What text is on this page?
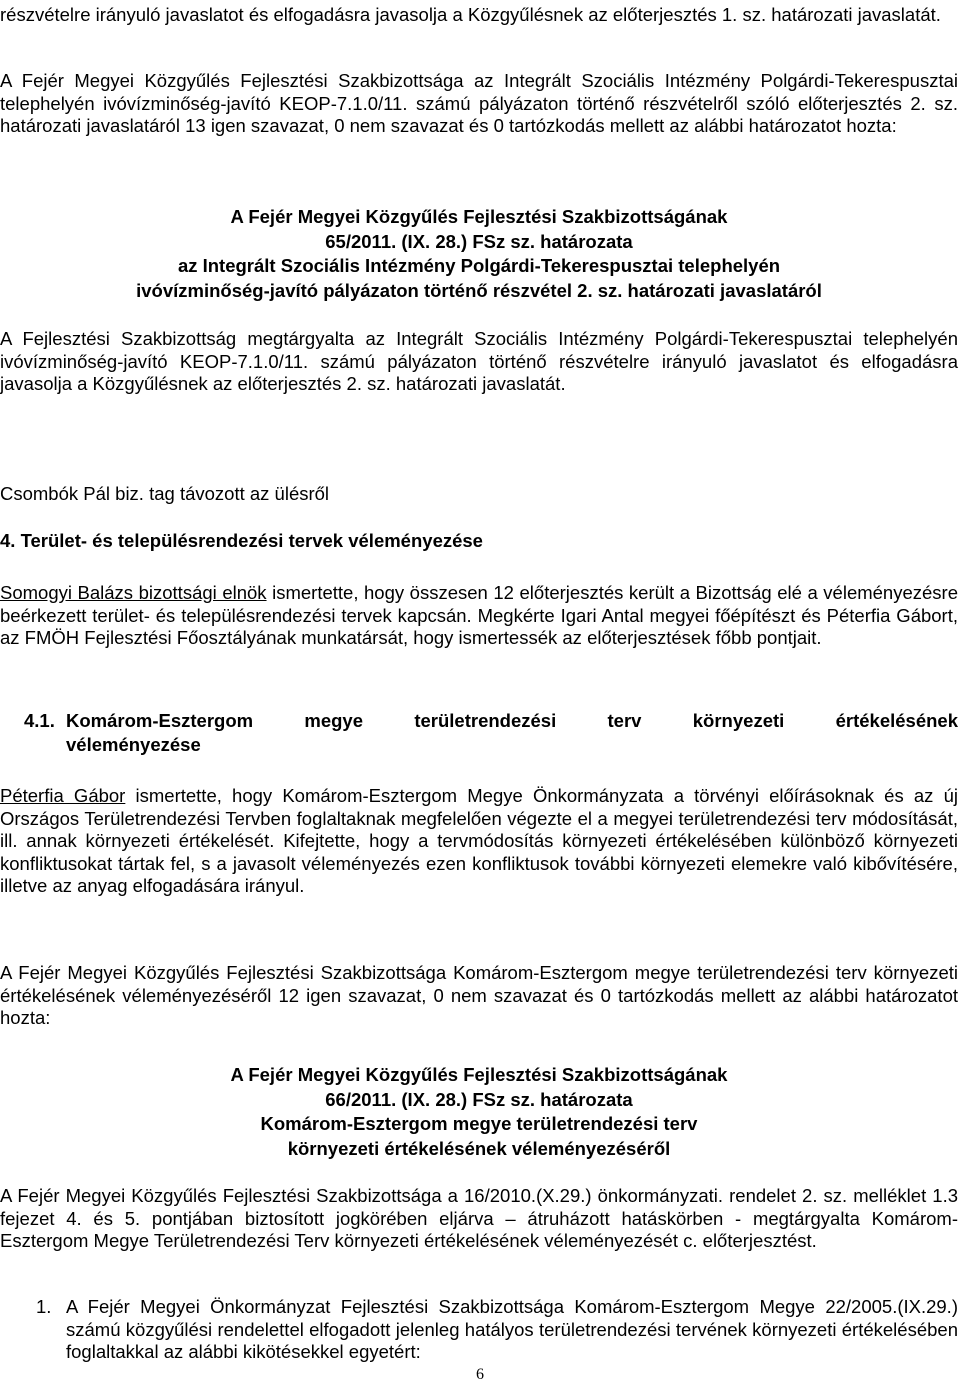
részvételre irányuló javaslatot és elfogadásra javasolja a Közgyűlésnek az előterjesztés 1. sz. határozati javaslatát.

A Fejér Megyei Közgyűlés Fejlesztési Szakbizottsága az Integrált Szociális Intézmény Polgárdi-Tekerespusztai telephelyén ivóvízminőség-javító KEOP-7.1.0/11. számú pályázaton történő részvételről szóló előterjesztés 2. sz. határozati javaslatáról 13 igen szavazat, 0 nem szavazat és 0 tartózkodás mellett az alábbi határozatot hozta:

A Fejér Megyei Közgyűlés Fejlesztési Szakbizottságának
65/2011. (IX. 28.) FSz sz. határozata
az Integrált Szociális Intézmény Polgárdi-Tekerespusztai telephelyén
ivóvízminőség-javító pályázaton történő részvétel 2. sz. határozati javaslatáról

A Fejlesztési Szakbizottság megtárgyalta az Integrált Szociális Intézmény Polgárdi-Tekerespusztai telephelyén ivóvízminőség-javító KEOP-7.1.0/11. számú pályázaton történő részvételre irányuló javaslatot és elfogadásra javasolja a Közgyűlésnek az előterjesztés 2. sz. határozati javaslatát.

Csombók Pál biz. tag távozott az ülésről

4. Terület- és településrendezési tervek véleményezése

Somogyi Balázs bizottsági elnök ismertette, hogy összesen 12 előterjesztés került a Bizottság elé a véleményezésre beérkezett terület- és településrendezési tervek kapcsán. Megkérte Igari Antal megyei főépítészt és Péterfia Gábort, az FMÖH Fejlesztési Főosztályának munkatársát, hogy ismertessék az előterjesztések főbb pontjait.

4.1. Komárom-Esztergom megye területrendezési terv környezeti értékelésének
véleményezése

Péterfia Gábor ismertette, hogy Komárom-Esztergom Megye Önkormányzata a törvényi előírásoknak és az új Országos Területrendezési Tervben foglaltaknak megfelelően végezte el a megyei területrendezési terv módosítását, ill. annak környezeti értékelését. Kifejtette, hogy a tervmódosítás környezeti értékelésében különböző környezeti konfliktusokat tártak fel, s a javasolt véleményezés ezen konfliktusok további környezeti elemekre való kibővítésére, illetve az anyag elfogadására irányul.

A Fejér Megyei Közgyűlés Fejlesztési Szakbizottsága Komárom-Esztergom megye területrendezési terv környezeti értékelésének véleményezéséről 12 igen szavazat, 0 nem szavazat és 0 tartózkodás mellett az alábbi határozatot hozta:

A Fejér Megyei Közgyűlés Fejlesztési Szakbizottságának
66/2011. (IX. 28.) FSz sz. határozata
Komárom-Esztergom megye területrendezési terv
környezeti értékelésének véleményezéséről

A Fejér Megyei Közgyűlés Fejlesztési Szakbizottsága a 16/2010.(X.29.) önkormányzati. rendelet 2. sz. melléklet 1.3 fejezet 4. és 5. pontjában biztosított jogkörében eljárva – átruházott hatáskörben - megtárgyalta Komárom-Esztergom Megye Területrendezési Terv környezeti értékelésének véleményezését c. előterjesztést.

1. A Fejér Megyei Önkormányzat Fejlesztési Szakbizottsága Komárom-Esztergom Megye 22/2005.(IX.29.) számú közgyűlési rendelettel elfogadott jelenleg hatályos területrendezési tervének környezeti értékelésében foglaltakkal az alábbi kikötésekkel egyetért:
6
